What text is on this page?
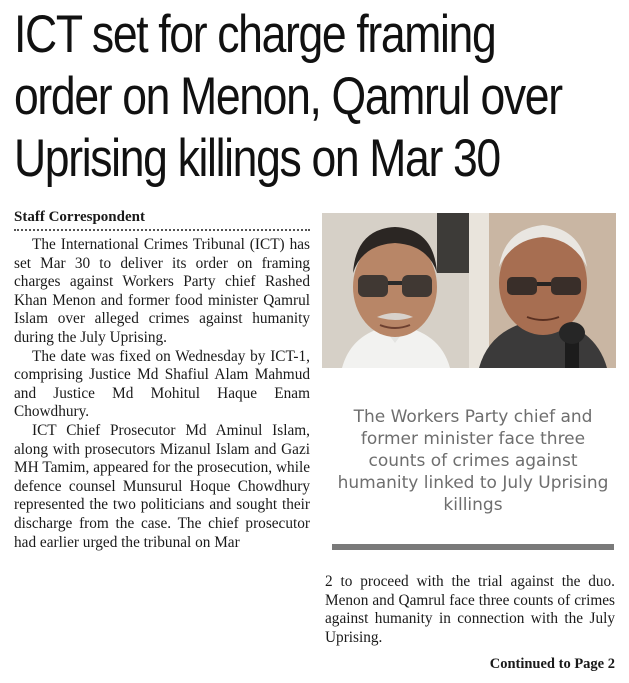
ICT set for charge framing
order on Menon, Qamrul over
Uprising killings on Mar 30
Staff Correspondent

The International Crimes Tribunal (ICT) has set Mar 30 to deliver its order on framing charges against Workers Party chief Rashed Khan Menon and former food minister Qamrul Islam over alleged crimes against humanity during the July Uprising.

The date was fixed on Wednesday by ICT-1, comprising Justice Md Shafiul Alam Mahmud and Justice Md Mohitul Haque Enam Chowdhury.

ICT Chief Prosecutor Md Aminul Islam, along with prosecutors Mizanul Islam and Gazi MH Tamim, appeared for the prosecution, while defence counsel Munsurul Hoque Chowdhury represented the two politicians and sought their discharge from the case. The chief prosecutor had earlier urged the tribunal on Mar

The Workers Party chief and former minister face three counts of crimes against humanity linked to July Uprising killings

2 to proceed with the trial against the duo. Menon and Qamrul face three counts of crimes against humanity in connection with the July Uprising.

Continued to Page 2
